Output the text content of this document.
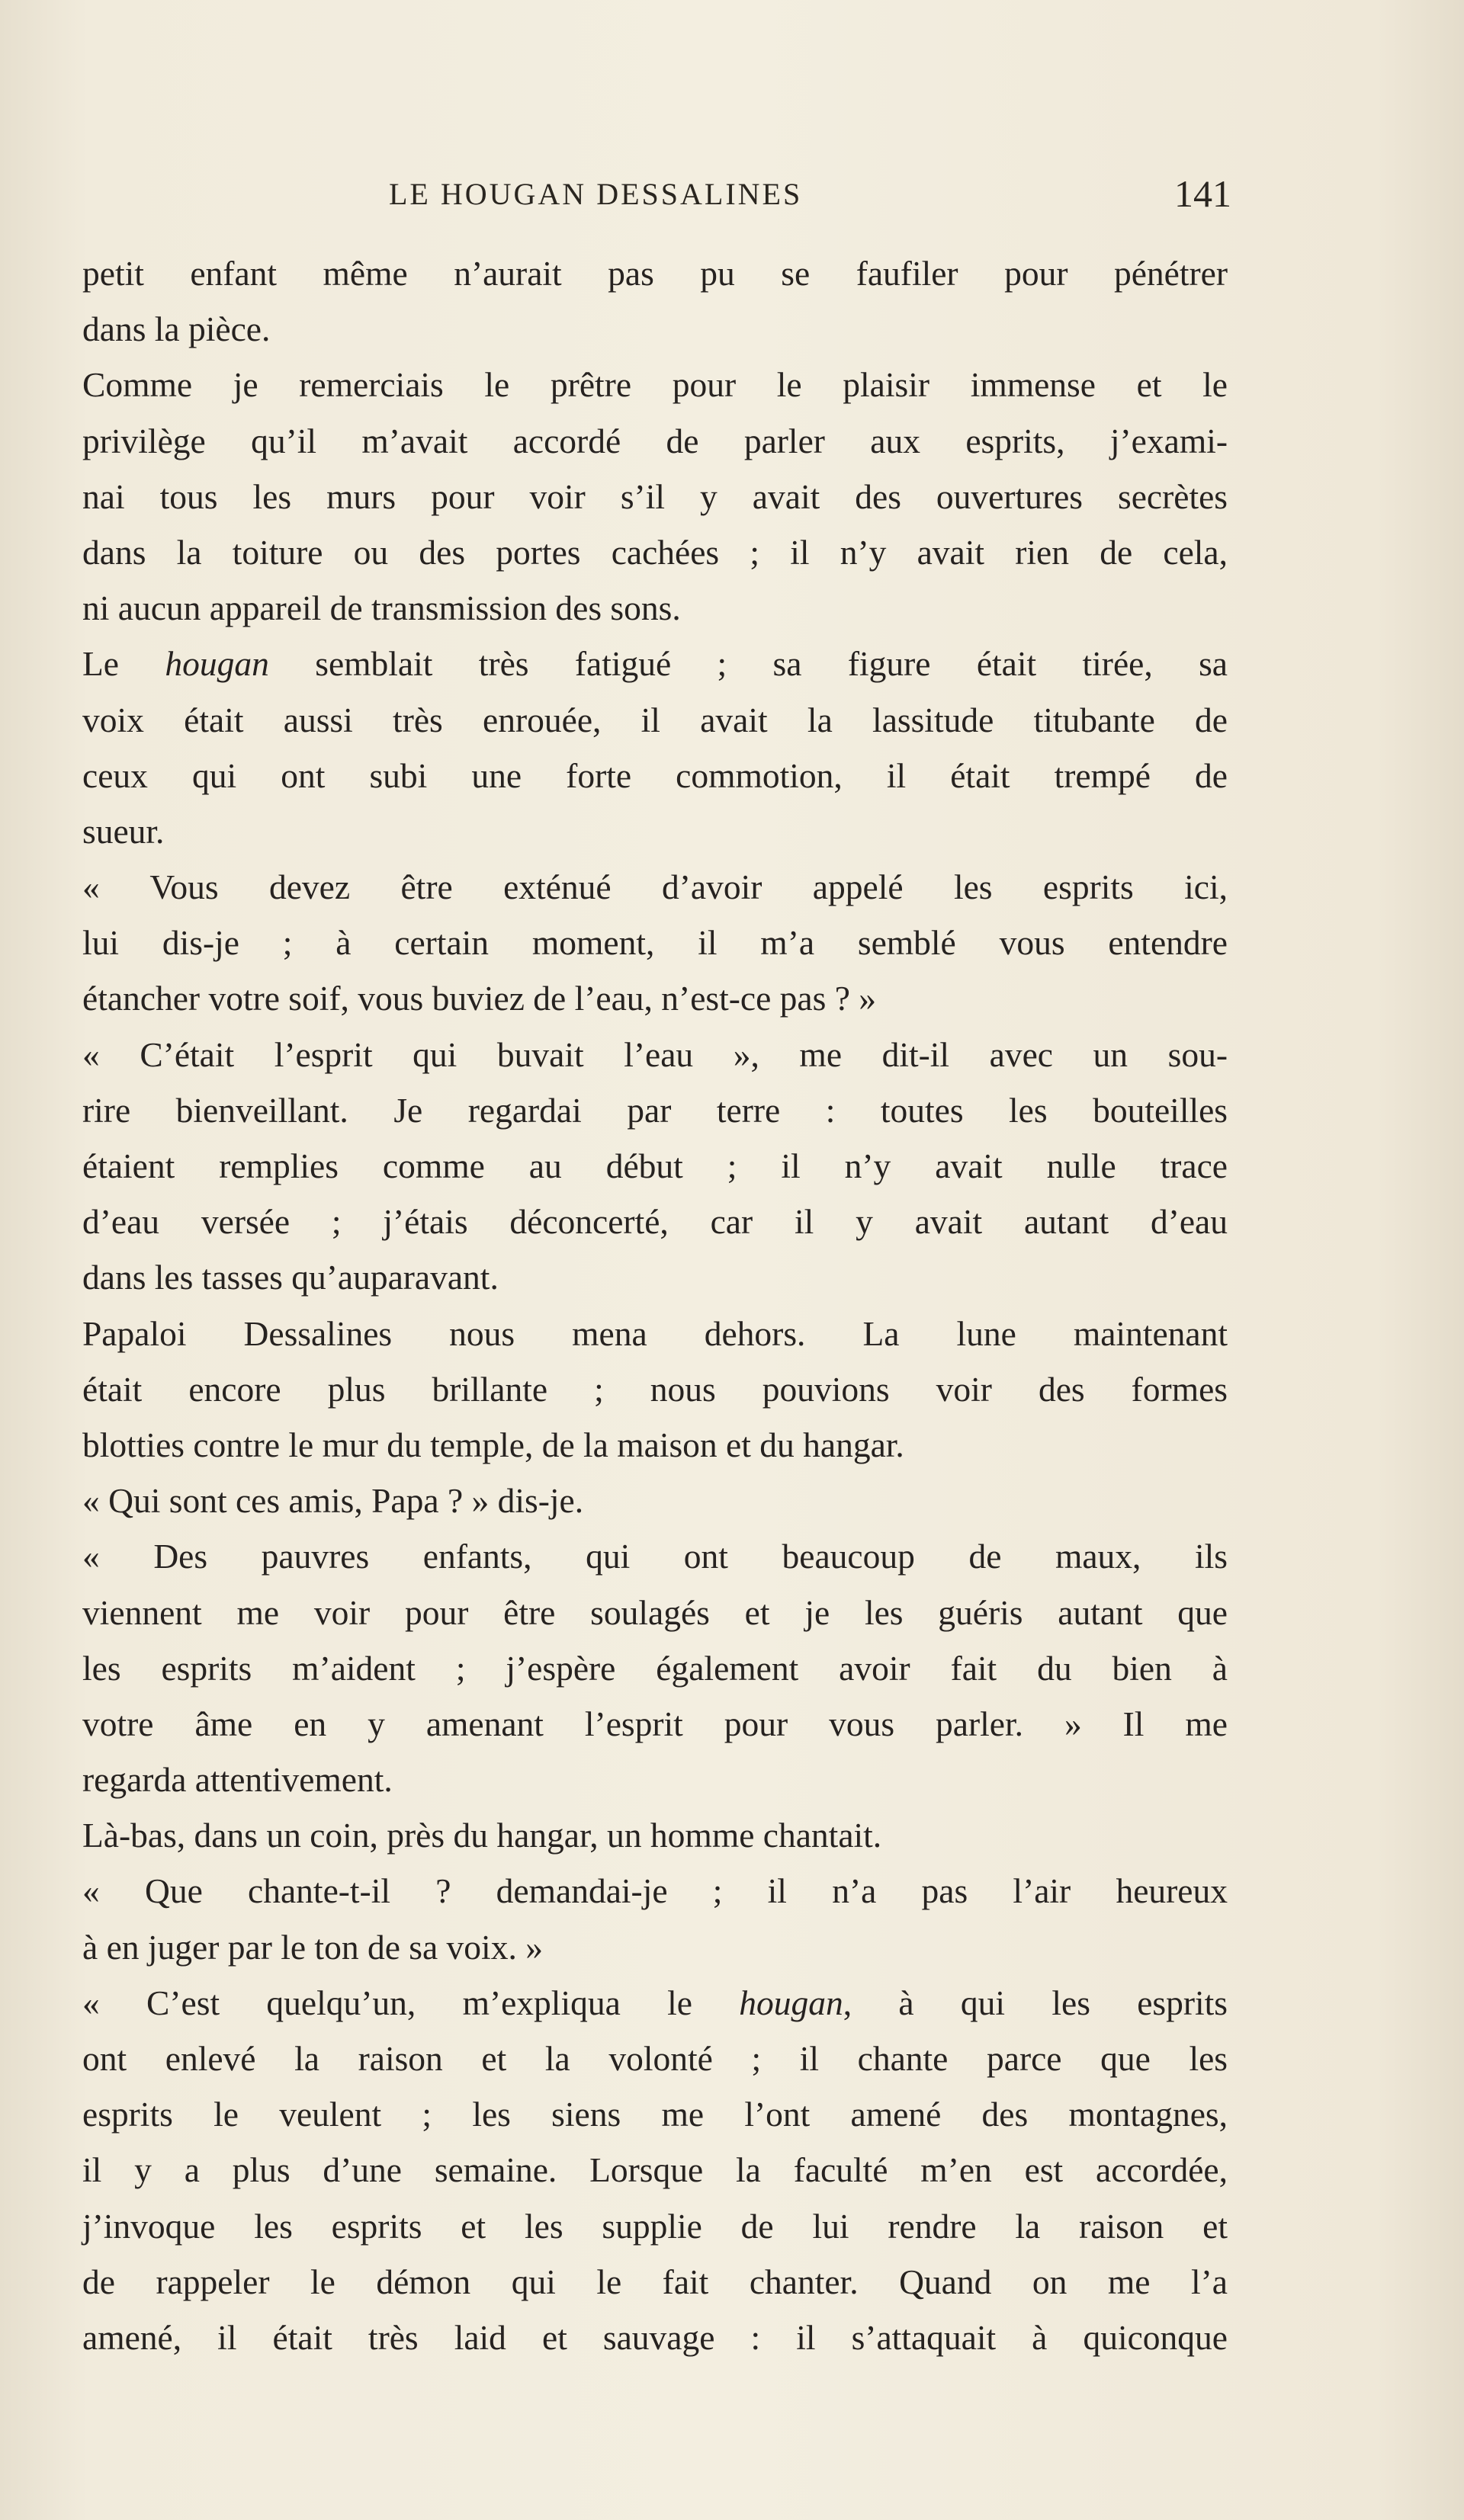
LE HOUGAN DESSALINES	141
petit enfant même n’aurait pas pu se faufiler pour pénétrer
dans la pièce.
Comme je remerciais le prêtre pour le plaisir immense et le
privilège qu’il m’avait accordé de parler aux esprits, j’exami-
nai tous les murs pour voir s’il y avait des ouvertures secrètes
dans la toiture ou des portes cachées ; il n’y avait rien de cela,
ni aucun appareil de transmission des sons.
Le hougan semblait très fatigué ; sa figure était tirée, sa
voix était aussi très enrouée, il avait la lassitude titubante de
ceux qui ont subi une forte commotion, il était trempé de
sueur.
« Vous devez être exténué d’avoir appelé les esprits ici,
lui dis-je ; à certain moment, il m’a semblé vous entendre
étancher votre soif, vous buviez de l’eau, n’est-ce pas ? »
« C’était l’esprit qui buvait l’eau », me dit-il avec un sou-
rire bienveillant. Je regardai par terre : toutes les bouteilles
étaient remplies comme au début ; il n’y avait nulle trace
d’eau versée ; j’étais déconcerté, car il y avait autant d’eau
dans les tasses qu’auparavant.
Papaloi Dessalines nous mena dehors. La lune maintenant
était encore plus brillante ; nous pouvions voir des formes
blotties contre le mur du temple, de la maison et du hangar.
« Qui sont ces amis, Papa ? » dis-je.
« Des pauvres enfants, qui ont beaucoup de maux, ils
viennent me voir pour être soulagés et je les guéris autant que
les esprits m’aident ; j’espère également avoir fait du bien à
votre âme en y amenant l’esprit pour vous parler. » Il me
regarda attentivement.
Là-bas, dans un coin, près du hangar, un homme chantait.
« Que chante-t-il ? demandai-je ; il n’a pas l’air heureux
à en juger par le ton de sa voix. »
« C’est quelqu’un, m’expliqua le hougan, à qui les esprits
ont enlevé la raison et la volonté ; il chante parce que les
esprits le veulent ; les siens me l’ont amené des montagnes,
il y a plus d’une semaine. Lorsque la faculté m’en est accordée,
j’invoque les esprits et les supplie de lui rendre la raison et
de rappeler le démon qui le fait chanter. Quand on me l’a
amené, il était très laid et sauvage : il s’attaquait à quiconque
